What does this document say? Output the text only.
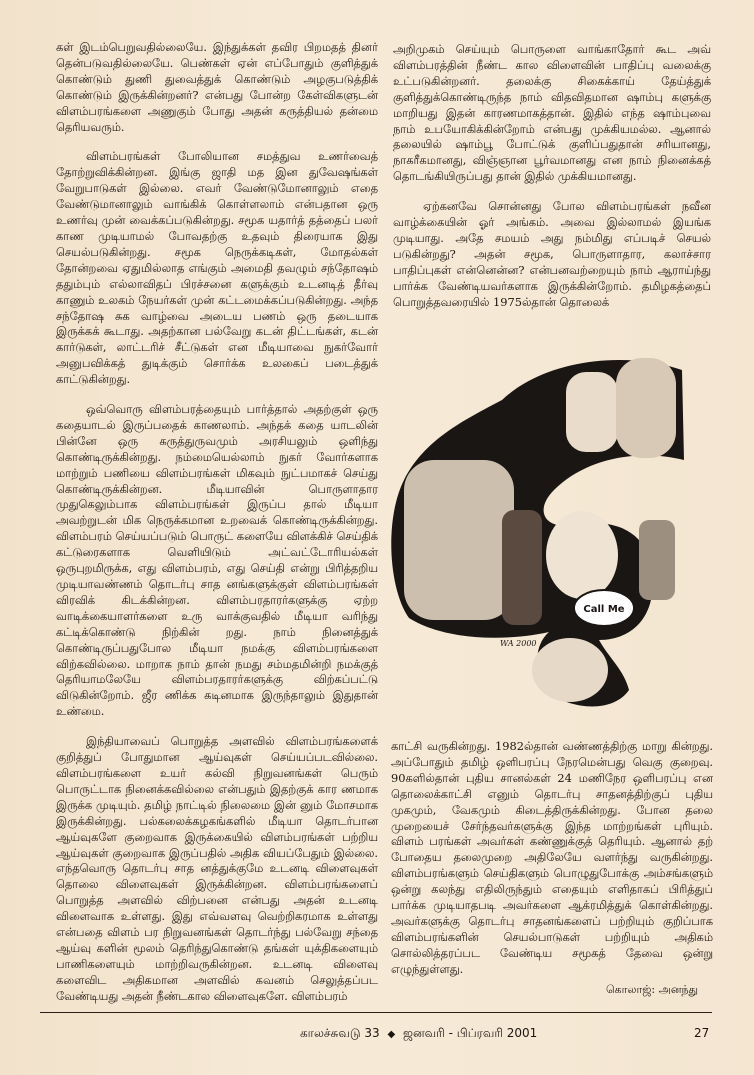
கள் இடம்பெறுவதில்லையே. இந்துக்கள் தவிர பிறமதத் தினர் தென்படுவதில்லையே. பெண்கள் ஏன் எப்போதும் குளித்துக் கொண்டும் துணி துவைத்துக் கொண்டும் அழகுபடுத்திக் கொண்டும் இருக்கின்றனர்? என்பது போன்ற கேள்விகளுடன் விளம்பரங்களை அணுகும் போது அதன் கருத்தியல் தன்மை தெரியவரும்.

விளம்பரங்கள் போலியான சமத்துவ உணர்வைத் தோற்றுவிக்கின்றன. இங்கு ஜாதி மத இன துவேஷங்கள் வேறுபாடுகள் இல்லை. எவர் வேண்டுமோனாலும் எதை வேண்டுமானாலும் வாங்கிக் கொள்ளலாம் என்பதான ஒரு உணர்வு முன் வைக்கப்படுகின்றது. சமூக யதார்த் தத்தைப் பலர் காண முடியாமல் போவதற்கு உதவும் திரையாக இது செயல்படுகின்றது. சமூக நெருக்கடிகள், மோதல்கள் தோன்றவை ஏதுமில்லாத எங்கும் அமைதி தவழும் சந்தோஷம் ததும்பும் எல்லாவிதப் பிரச்சனை களுக்கும் உடனடித் தீர்வு காணும் உலகம் நேயர்கள் முன் கட்டமைக்கப்படுகின்றது. அந்த சந்தோஷ சுக வாழ்வை அடைய பணம் ஒரு தடையாக இருக்கக் கூடாது. அதற்கான பல்வேறு கடன் திட்டங்கள், கடன் கார்டுகள், லாட்டரிச் சீட்டுகள் என மீடியாவை நுகர்வோர் அனுபவிக்கத் துடிக்கும் சொர்க்க உலகைப் படைத்துக் காட்டுகின்றது.

ஒவ்வொரு விளம்பரத்தையும் பார்த்தால் அதற்குள் ஒரு கதையாடல் இருப்பதைக் காணலாம். அந்தக் கதை யாடலின் பின்னே ஒரு கருத்துருவமும் அரசியலும் ஒளிந்து கொண்டிருக்கின்றது. நம்மையெல்லாம் நுகர் வோர்களாக மாற்றும் பணியை விளம்பரங்கள் மிகவும் நுட்பமாகச் செய்து கொண்டிருக்கின்றன. மீடியாவின் பொருளாதார முதுகெலும்பாக விளம்பரங்கள் இருப்ப தால் மீடியா அவற்றுடன் மிக நெருக்கமான உறவைக் கொண்டிருக்கின்றது. விளம்பரம் செய்யப்படும் பொருட் களையே விளக்கிச் செய்திக் கட்டுரைகளாக வெளியிடும் அட்வட்டோரியல்கள் ஒருபுறமிருக்க, எது விளம்பரம், எது செய்தி என்று பிரித்தறிய முடியாவண்ணம் தொடர்பு சாத னங்களுக்குள் விளம்பரங்கள் விரவிக் கிடக்கின்றன. விளம்பரதாரர்களுக்கு ஏற்ற வாடிக்கையாளர்களை உரு வாக்குவதில் மீடியா வரிந்து கட்டிக்கொண்டு நிற்கின் றது. நாம் நினைத்துக் கொண்டிருப்பதுபோல மீடியா நமக்கு விளம்பரங்களை விற்கவில்லை. மாறாக நாம் தான் நமது சம்மதமின்றி நமக்குத் தெரியாமலேயே விளம்பரதாரர்களுக்கு விற்கப்பட்டு விடுகின்றோம். ஜீர ணிக்க கடினமாக இருந்தாலும் இதுதான் உண்மை.

இந்தியாவைப் பொறுத்த அளவில் விளம்பரங்களைக் குறித்துப் போதுமான ஆய்வுகள் செய்யப்படவில்லை. விளம்பரங்களை உயர் கல்வி நிறுவனங்கள் பெரும் பொருட்டாக நினைக்கவில்லை என்பதும் இதற்குக் கார ணமாக இருக்க முடியும். தமிழ் நாட்டில் நிலைமை இன் னும் மோசமாக இருக்கின்றது. பல்கலைக்கழகங்களில் மீடியா தொடர்பான ஆய்வுகளே குறைவாக இருக்கையில் விளம்பரங்கள் பற்றிய ஆய்வுகள் குறைவாக இருப்பதில் அதிக வியப்பேதும் இல்லை. எந்தவொரு தொடர்பு சாத னத்துக்குமே உடனடி விளைவுகள் தொலை விளைவுகள் இருக்கின்றன. விளம்பரங்களைப் பொறுத்த அளவில் விற்பனை என்பது அதன் உடனடி விளைவாக உள்ளது. இது எவ்வளவு வெற்றிகரமாக உள்ளது என்பதை விளம் பர நிறுவனங்கள் தொடர்ந்து பல்வேறு சந்தை ஆய்வு களின் மூலம் தெரிந்துகொண்டு தங்கள் யுக்திகளையும் பாணிகளையும் மாற்றிவருகின்றன. உடனடி விளைவு களைவிட அதிகமான அளவில் கவனம் செலுத்தப்பட வேண்டியது அதன் நீண்டகால விளைவுகளே. விளம்பரம்

அறிமுகம் செய்யும் பொருளை வாங்காதோர் கூட அவ் விளம்பரத்தின் நீண்ட கால விளைவின் பாதிப்பு வலைக்கு உட்படுகின்றனர். தலைக்கு சிகைக்காய் தேய்த்துக் குளித்துக்கொண்டிருந்த நாம் விதவிதமான ஷாம்பு களுக்கு மாறியது இதன் காரணமாகத்தான். இதில் எந்த ஷாம்புவை நாம் உபயோகிக்கின்றோம் என்பது முக்கியமல்ல. ஆனால் தலையில் ஷாம்பூ போட்டுக் குளிப்பதுதான் சரியானது, நாகரீகமானது, விஞ்ஞான பூர்வமானது என நாம் நினைக்கத் தொடங்கியிருப்பது தான் இதில் முக்கியமானது.

ஏற்கனவே சொன்னது போல விளம்பரங்கள் நவீன வாழ்க்கையின் ஓர் அங்கம். அவை இல்லாமல் இயங்க முடியாது. அதே சமயம் அது நம்மிது எப்படிச் செயல் படுகின்றது? அதன் சமூக, பொருளாதார, கலாச்சார பாதிப்புகள் என்னென்ன? என்பனவற்றையும் நாம் ஆராய்ந்து பார்க்க வேண்டியவர்களாக இருக்கின்றோம். தமிழகத்தைப் பொறுத்தவரையில் 1975ல்தான் தொலைக்

Call Me
WA 2000

காட்சி வருகின்றது. 1982ல்தான் வண்ணத்திற்கு மாறு கின்றது. அப்போதும் தமிழ் ஒளிபரப்பு நேரமென்பது வெகு குறைவு. 90களில்தான் புதிய சானல்கள் 24 மணிநேர ஒளிபரப்பு என தொலைக்காட்சி எனும் தொடர்பு சாதனத்திற்குப் புதிய முகமும், வேகமும் கிடைத்திருக்கின்றது. போன தலை முறையைச் சேர்ந்தவர்களுக்கு இந்த மாற்றங்கள் புரியும். விளம் பரங்கள் அவர்கள் கண்ணுக்குத் தெரியும். ஆனால் தற் போதைய தலைமுறை அதிலேயே வளர்ந்து வருகின்றது. விளம்பரங்களும் செய்திகளும் பொழுதுபோக்கு அம்சங்களும் ஒன்று கலந்து எதிலிருந்தும் எதையும் எளிதாகப் பிரித்துப் பார்க்க முடியாதபடி அவர்களை ஆக்ரமித்துக் கொள்கின்றது. அவர்களுக்கு தொடர்பு சாதனங்களைப் பற்றியும் குறிப்பாக விளம்பரங்களின் செயல்பாடுகள் பற்றியும் அதிகம் சொல்லித்தரப்பட வேண்டிய சமூகத் தேவை ஒன்று எழுந்துள்ளது.

கொலாஜ்: அனந்து
காலச்சுவடு 33 ◆ ஜனவரி - பிப்ரவரி 2001	27
